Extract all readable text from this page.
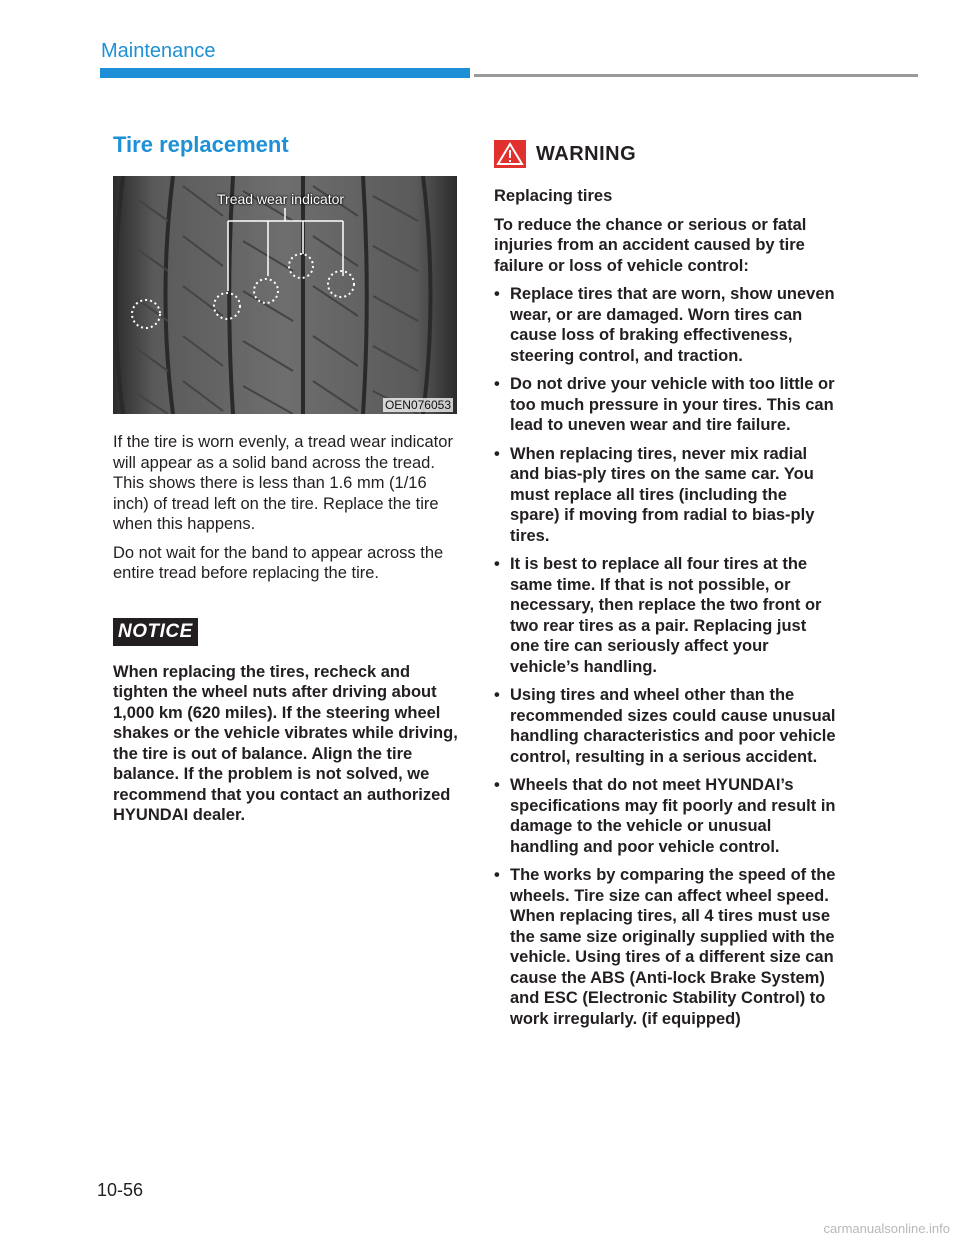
Maintenance
Tire replacement
Tread wear indicator
OEN076053

If the tire is worn evenly, a tread wear indicator will appear as a solid band across the tread. This shows there is less than 1.6 mm (1/16 inch) of tread left on the tire. Replace the tire when this happens.

Do not wait for the band to appear across the entire tread before replacing the tire.

NOTICE

When replacing the tires, recheck and tighten the wheel nuts after driving about 1,000 km (620 miles). If the steering wheel shakes or the vehicle vibrates while driving, the tire is out of balance. Align the tire balance. If the problem is not solved, we recommend that you contact an authorized HYUNDAI dealer.

WARNING

Replacing tires

To reduce the chance or serious or fatal injuries from an accident caused by tire failure or loss of vehicle control:

• Replace tires that are worn, show uneven wear, or are damaged. Worn tires can cause loss of braking effectiveness, steering control, and traction.
• Do not drive your vehicle with too little or too much pressure in your tires. This can lead to uneven wear and tire failure.
• When replacing tires, never mix radial and bias-ply tires on the same car. You must replace all tires (including the spare) if moving from radial to bias-ply tires.
• It is best to replace all four tires at the same time. If that is not possible, or necessary, then replace the two front or two rear tires as a pair. Replacing just one tire can seriously affect your vehicle’s handling.
• Using tires and wheel other than the recommended sizes could cause unusual handling characteristics and poor vehicle control, resulting in a serious accident.
• Wheels that do not meet HYUNDAI’s specifications may fit poorly and result in damage to the vehicle or unusual handling and poor vehicle control.
• The works by comparing the speed of the wheels. Tire size can affect wheel speed. When replacing tires, all 4 tires must use the same size originally supplied with the vehicle. Using tires of a different size can cause the ABS (Anti-lock Brake System) and ESC (Electronic Stability Control) to work irregularly. (if equipped)
10-56
carmanualsonline.info
